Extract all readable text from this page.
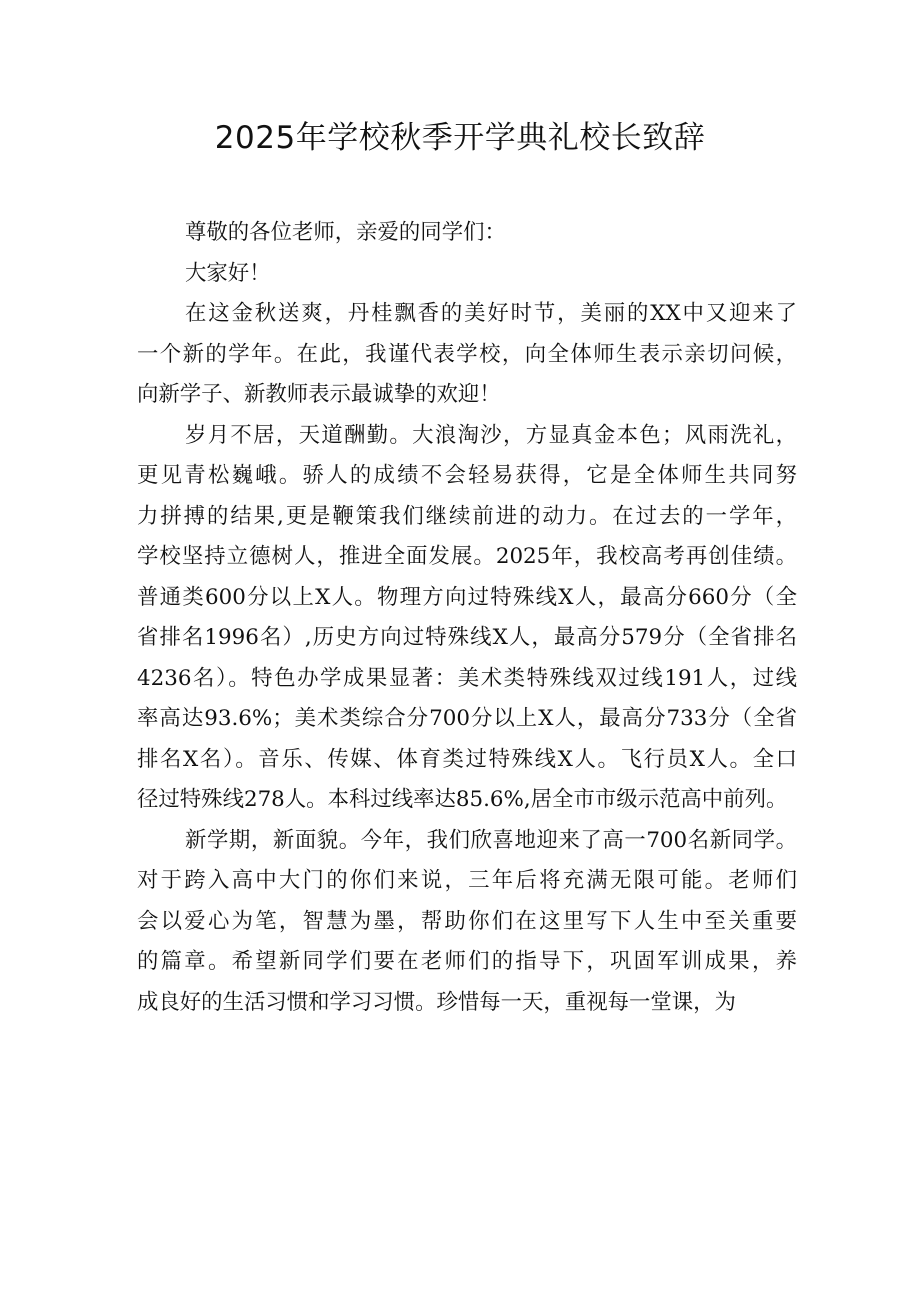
2025年学校秋季开学典礼校长致辞
尊敬的各位老师，亲爱的同学们：
大家好！
在这金秋送爽，丹桂飘香的美好时节，美丽的XX中又迎来了
一个新的学年。在此，我谨代表学校，向全体师生表示亲切问候，
向新学子、新教师表示最诚挚的欢迎！
岁月不居，天道酬勤。大浪淘沙，方显真金本色；风雨洗礼，
更见青松巍峨。骄人的成绩不会轻易获得，它是全体师生共同努
力拼搏的结果,更是鞭策我们继续前进的动力。在过去的一学年，
学校坚持立德树人，推进全面发展。2025年，我校高考再创佳绩。
普通类600分以上X人。物理方向过特殊线X人，最高分660分（全
省排名1996名）,历史方向过特殊线X人，最高分579分（全省排名
4236名）。特色办学成果显著：美术类特殊线双过线191人，过线
率高达93.6%；美术类综合分700分以上X人，最高分733分（全省
排名X名）。音乐、传媒、体育类过特殊线X人。飞行员X人。全口
径过特殊线278人。本科过线率达85.6%,居全市市级示范高中前列。
新学期，新面貌。今年，我们欣喜地迎来了高一700名新同学。
对于跨入高中大门的你们来说，三年后将充满无限可能。老师们
会以爱心为笔，智慧为墨，帮助你们在这里写下人生中至关重要
的篇章。希望新同学们要在老师们的指导下，巩固军训成果，养
成良好的生活习惯和学习习惯。珍惜每一天，重视每一堂课，为
